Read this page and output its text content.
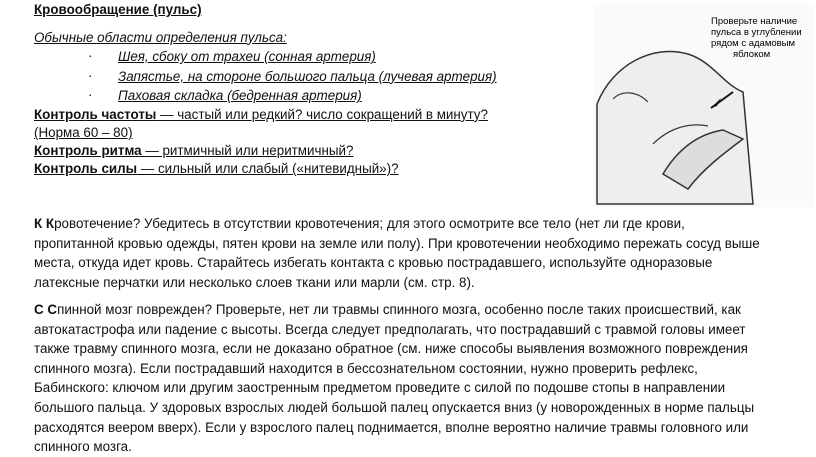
Кровообращение (пульс)
Обычные области определения пульса:
· Шея, сбоку от трахеи (сонная артерия)
· Запястье, на стороне большого пальца (лучевая артерия)
· Паховая складка (бедренная артерия)
Контроль частоты — частый или редкий? число сокращений в минуту?
(Норма 60 – 80)
Контроль ритма — ритмичный или неритмичный?
Контроль силы — сильный или слабый («нитевидный»)?
Проверьте наличие
пульса в углублении
рядом с адамовым
яблоком
К Кровотечение? Убедитесь в отсутствии кровотечения; для этого осмотрите все тело (нет ли где крови,
пропитанной кровью одежды, пятен крови на земле или полу). При кровотечении необходимо пережать сосуд выше
места, откуда идет кровь. Старайтесь избегать контакта с кровью пострадавшего, используйте одноразовые
латексные перчатки или несколько слоев ткани или марли (см. стр. 8).
С Спинной мозг поврежден? Проверьте, нет ли травмы спинного мозга, особенно после таких происшествий, как
автокатастрофа или падение с высоты. Всегда следует предполагать, что пострадавший с травмой головы имеет
также травму спинного мозга, если не доказано обратное (см. ниже способы выявления возможного повреждения
спинного мозга). Если пострадавший находится в бессознательном состоянии, нужно проверить рефлекс,
Бабинского: ключом или другим заостренным предметом проведите с силой по подошве стопы в направлении
большого пальца. У здоровых взрослых людей большой палец опускается вниз (у новорожденных в норме пальцы
расходятся веером вверх). Если у взрослого палец поднимается, вполне вероятно наличие травмы головного или
спинного мозга.
